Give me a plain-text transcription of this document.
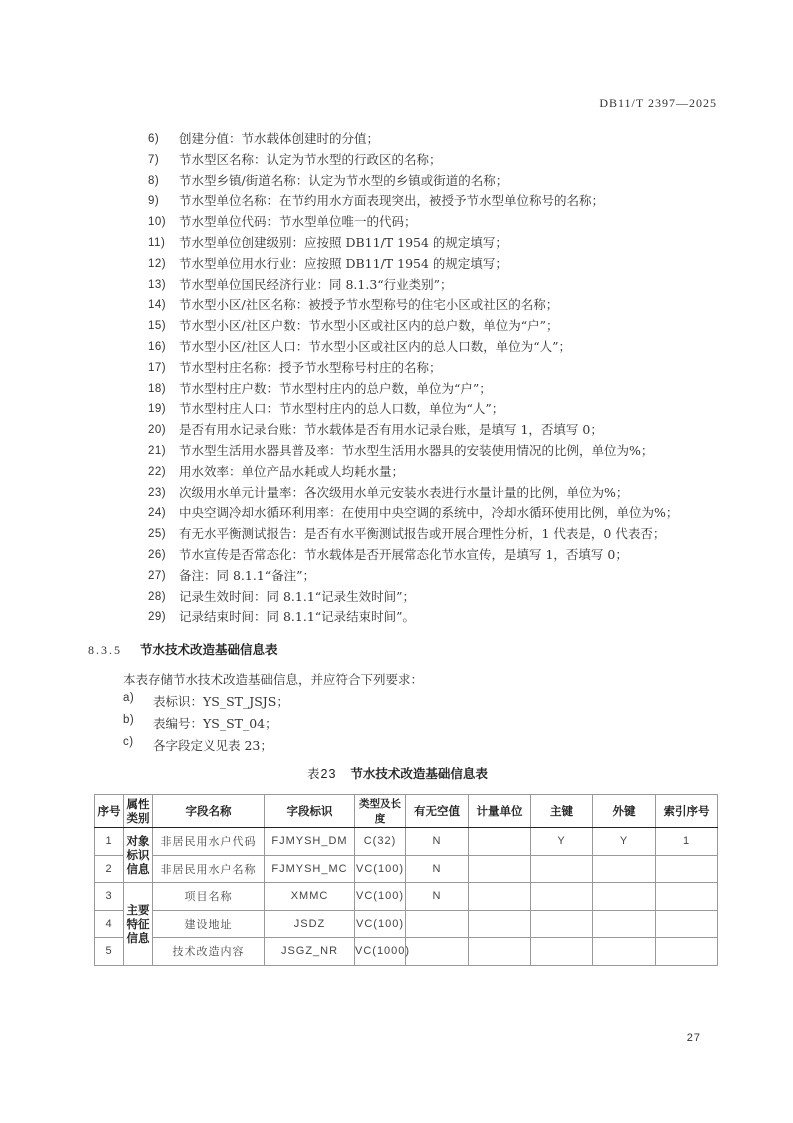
DB11/T 2397—2025
6)	创建分值：节水载体创建时的分值；
7)	节水型区名称：认定为节水型的行政区的名称；
8)	节水型乡镇/街道名称：认定为节水型的乡镇或街道的名称；
9)	节水型单位名称：在节约用水方面表现突出，被授予节水型单位称号的名称；
10)	节水型单位代码：节水型单位唯一的代码；
11)	节水型单位创建级别：应按照 DB11/T 1954 的规定填写；
12)	节水型单位用水行业：应按照 DB11/T 1954 的规定填写；
13)	节水型单位国民经济行业：同 8.1.3“行业类别”；
14)	节水型小区/社区名称：被授予节水型称号的住宅小区或社区的名称；
15)	节水型小区/社区户数：节水型小区或社区内的总户数，单位为“户”；
16)	节水型小区/社区人口：节水型小区或社区内的总人口数，单位为“人”；
17)	节水型村庄名称：授予节水型称号村庄的名称；
18)	节水型村庄户数：节水型村庄内的总户数，单位为“户”；
19)	节水型村庄人口：节水型村庄内的总人口数，单位为“人”；
20)	是否有用水记录台账：节水载体是否有用水记录台账，是填写 1，否填写 0；
21)	节水型生活用水器具普及率：节水型生活用水器具的安装使用情况的比例，单位为%；
22)	用水效率：单位产品水耗或人均耗水量；
23)	次级用水单元计量率：各次级用水单元安装水表进行水量计量的比例，单位为%；
24)	中央空调冷却水循环利用率：在使用中央空调的系统中，冷却水循环使用比例，单位为%；
25)	有无水平衡测试报告：是否有水平衡测试报告或开展合理性分析，1 代表是，0 代表否；
26)	节水宣传是否常态化：节水载体是否开展常态化节水宣传，是填写 1，否填写 0；
27)	备注：同 8.1.1“备注”；
28)	记录生效时间：同 8.1.1“记录生效时间”；
29)	记录结束时间：同 8.1.1“记录结束时间”。
8.3.5	节水技术改造基础信息表
本表存储节水技术改造基础信息，并应符合下列要求：
a)	表标识：YS_ST_JSJS；
b)	表编号：YS_ST_04；
c)	各字段定义见表 23；
表23 节水技术改造基础信息表
序号	属性类别	字段名称	字段标识	类型及长度	有无空值	计量单位	主键	外键	索引序号
1	对象标识信息	非居民用水户代码	FJMYSH_DM	C(32)	N		Y	Y	1
2		非居民用水户名称	FJMYSH_MC	VC(100)	N				
3	主要特征信息	项目名称	XMMC	VC(100)	N				
4		建设地址	JSDZ	VC(100)					
5		技术改造内容	JSGZ_NR	VC(1000)					
27
